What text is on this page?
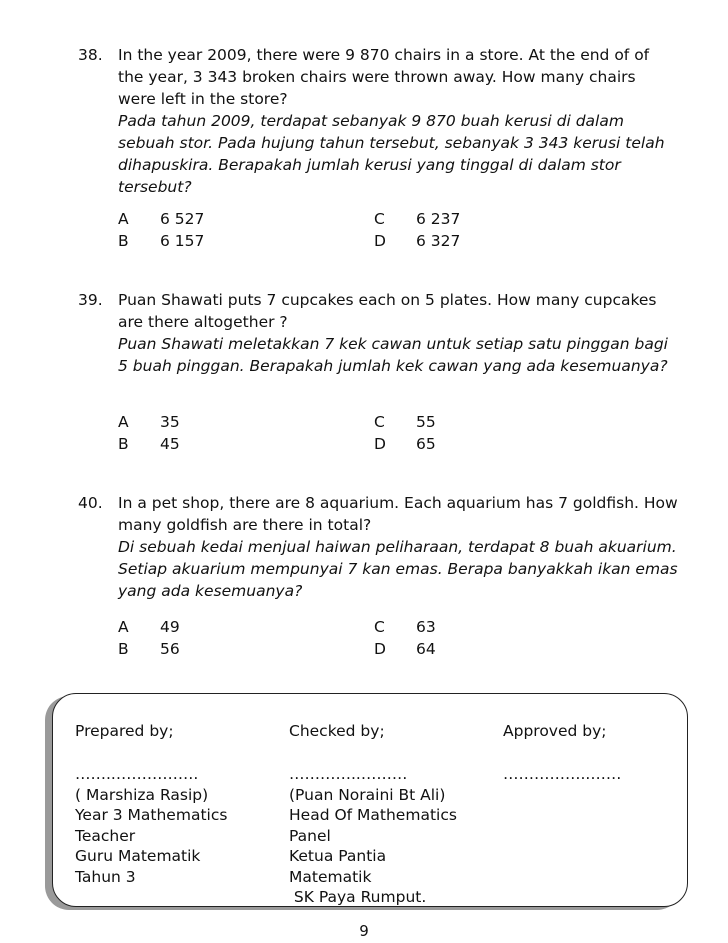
38. In the year 2009, there were 9 870 chairs in a store. At the end of of the year, 3 343 broken chairs were thrown away. How many chairs were left in the store?

Pada tahun 2009, terdapat sebanyak 9 870 buah kerusi di dalam sebuah stor. Pada hujung tahun tersebut, sebanyak 3 343 kerusi telah dihapuskira. Berapakah jumlah kerusi yang tinggal di dalam stor tersebut?

A 6 527
B 6 157
C 6 237
D 6 327
39. Puan Shawati puts 7 cupcakes each on 5 plates. How many cupcakes are there altogether ?

Puan Shawati meletakkan 7 kek cawan untuk setiap satu pinggan bagi 5 buah pinggan. Berapakah jumlah kek cawan yang ada kesemuanya?

A 35
B 45
C 55
D 65
40. In a pet shop, there are 8 aquarium. Each aquarium has 7 goldfish. How many goldfish are there in total?

Di sebuah kedai menjual haiwan peliharaan, terdapat 8 buah akuarium. Setiap akuarium mempunyai 7 kan emas. Berapa banyakkah ikan emas yang ada kesemuanya?

A 49
B 56
C 63
D 64
Prepared by;	Checked by;	Approved by;
……..…………….
( Marshiza Rasip)
Year 3 Mathematics
Teacher
Guru Matematik
Tahun 3
…………..………
(Puan Noraini Bt Ali)
Head Of Mathematics
Panel
Ketua Pantia
Matematik
SK Paya Rumput.
……………..……
9
